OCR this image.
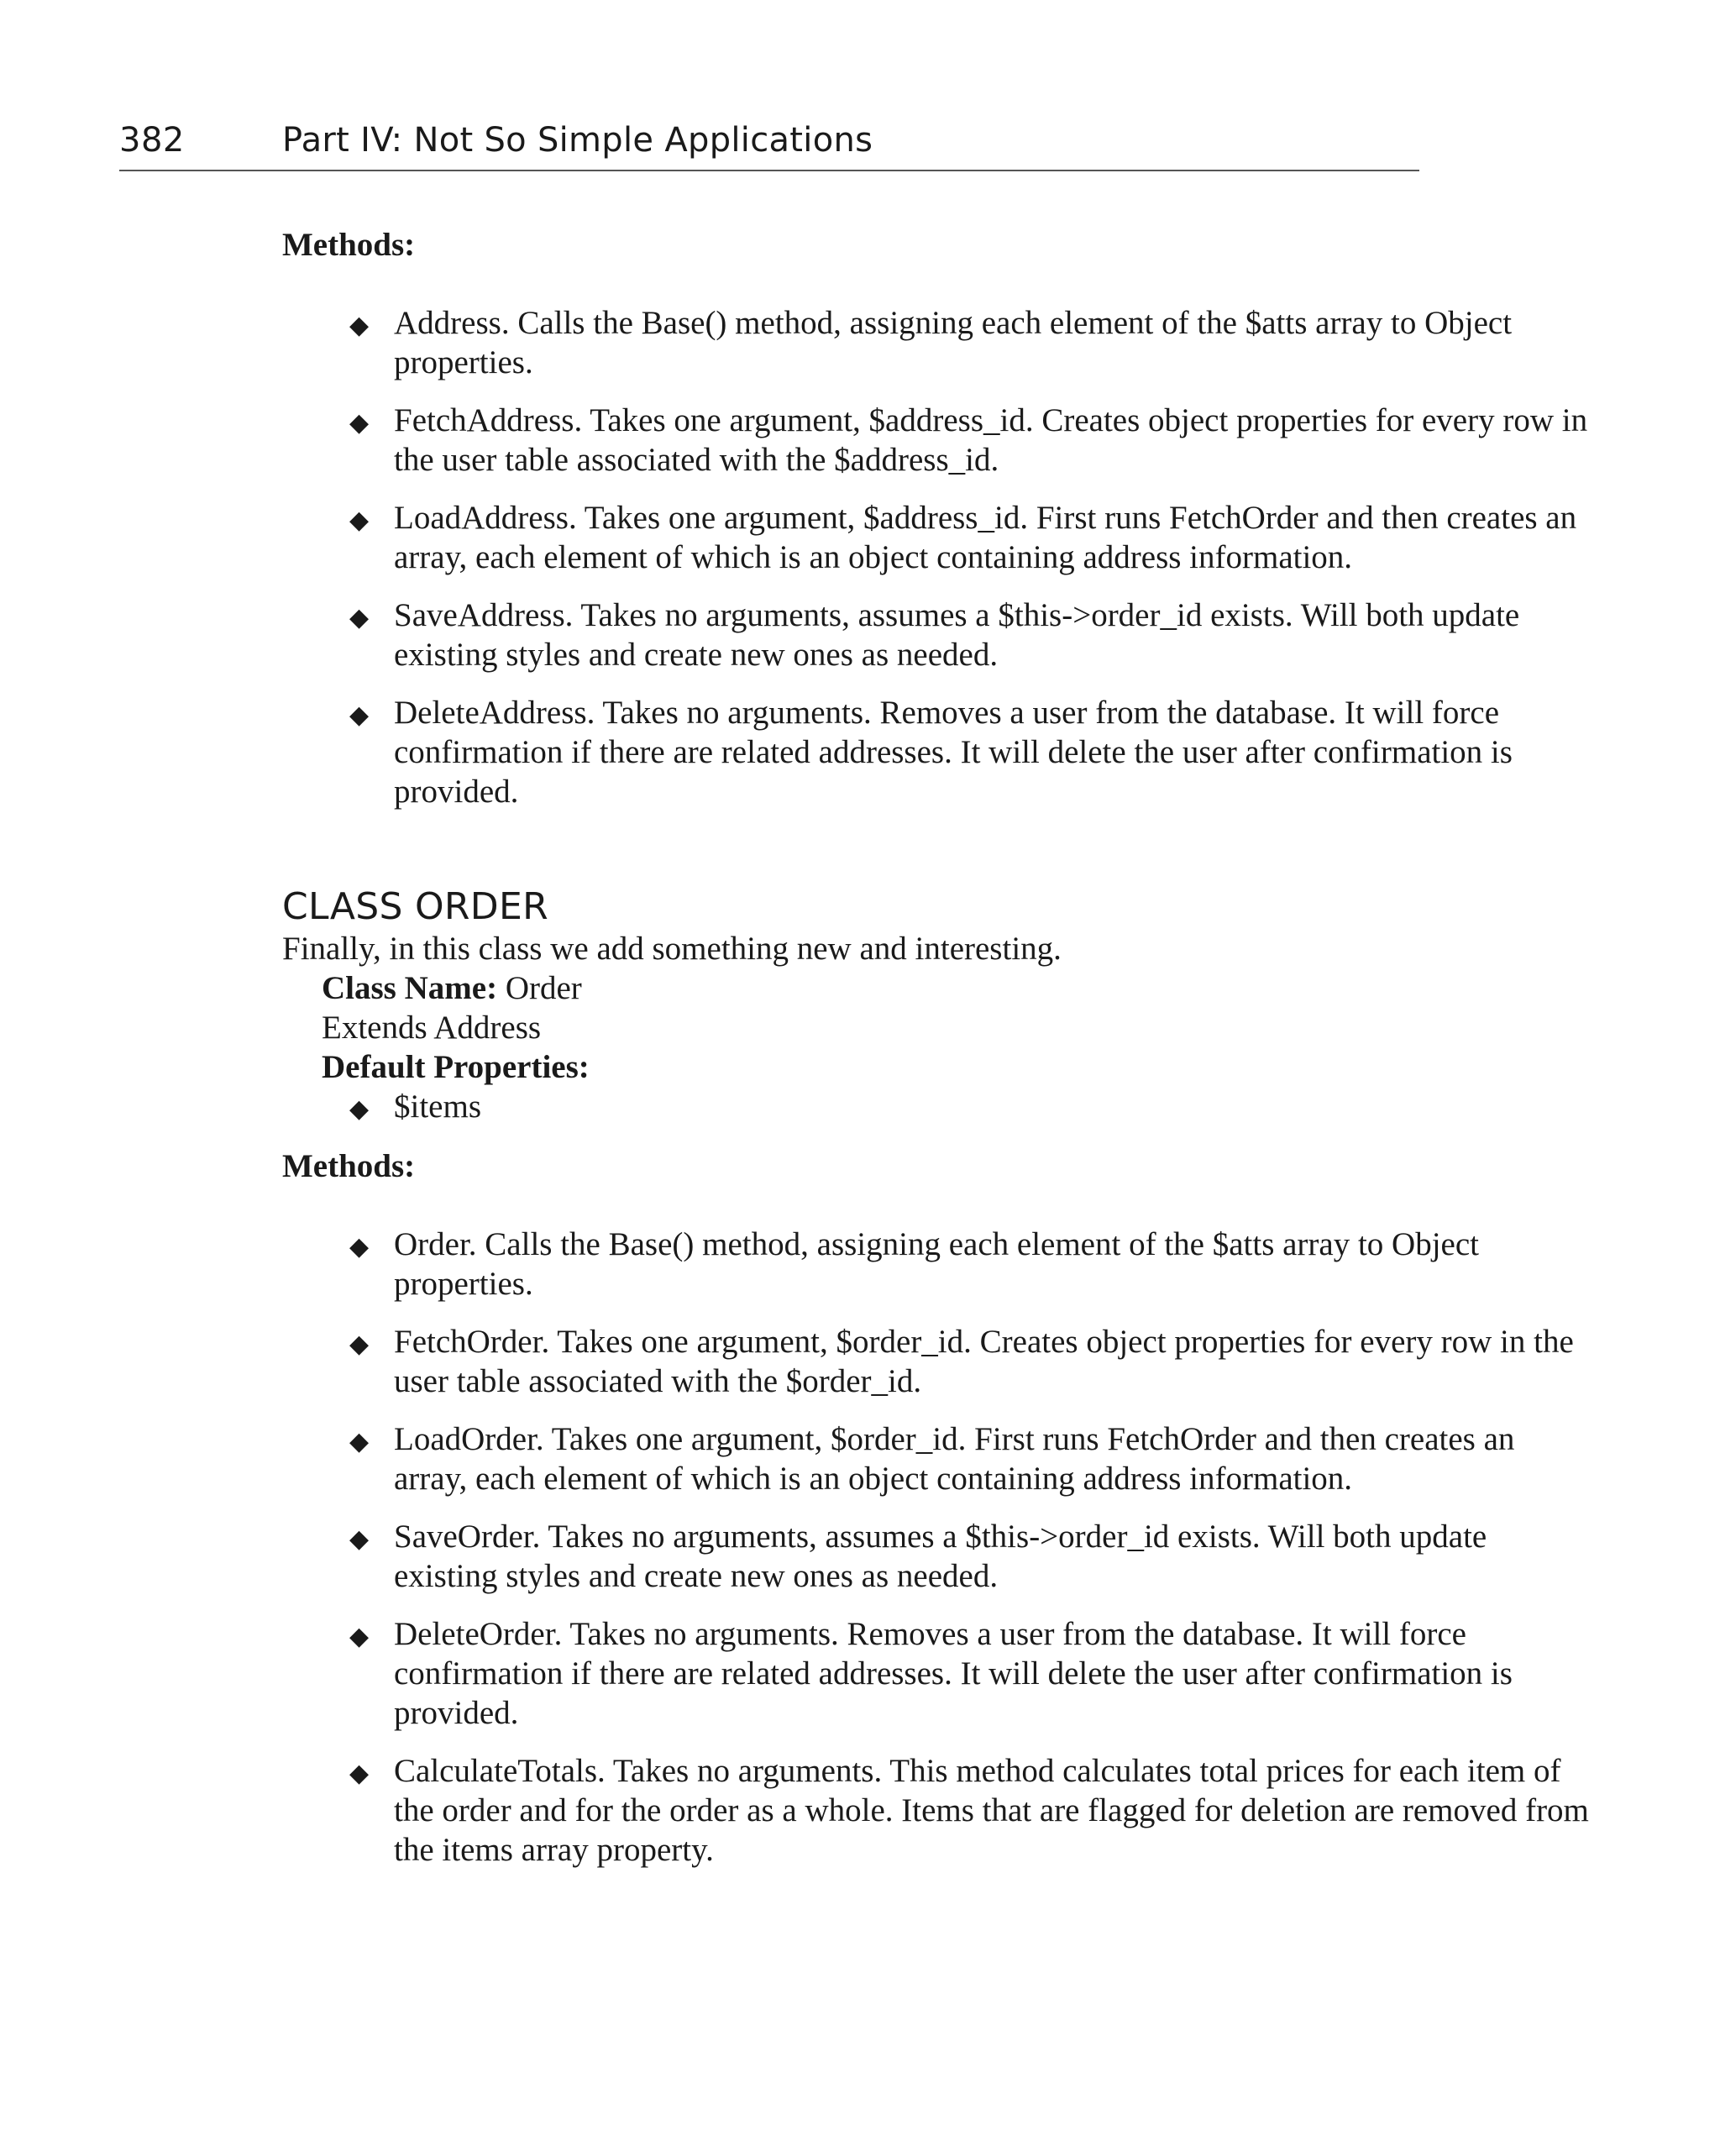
382	Part IV: Not So Simple Applications

Methods:

◆ Address. Calls the Base() method, assigning each element of the $atts array to Object properties.
◆ FetchAddress. Takes one argument, $address_id. Creates object properties for every row in the user table associated with the $address_id.
◆ LoadAddress. Takes one argument, $address_id. First runs FetchOrder and then creates an array, each element of which is an object containing address information.
◆ SaveAddress. Takes no arguments, assumes a $this->order_id exists. Will both update existing styles and create new ones as needed.
◆ DeleteAddress. Takes no arguments. Removes a user from the database. It will force confirmation if there are related addresses. It will delete the user after confirmation is provided.
CLASS ORDER

Finally, in this class we add something new and interesting.

Class Name: Order

Extends Address

Default Properties:

◆ $items

Methods:

◆ Order. Calls the Base() method, assigning each element of the $atts array to Object properties.
◆ FetchOrder. Takes one argument, $order_id. Creates object properties for every row in the user table associated with the $order_id.
◆ LoadOrder. Takes one argument, $order_id. First runs FetchOrder and then creates an array, each element of which is an object containing address information.
◆ SaveOrder. Takes no arguments, assumes a $this->order_id exists. Will both update existing styles and create new ones as needed.
◆ DeleteOrder. Takes no arguments. Removes a user from the database. It will force confirmation if there are related addresses. It will delete the user after confirmation is provided.
◆ CalculateTotals. Takes no arguments. This method calculates total prices for each item of the order and for the order as a whole. Items that are flagged for deletion are removed from the items array property.
